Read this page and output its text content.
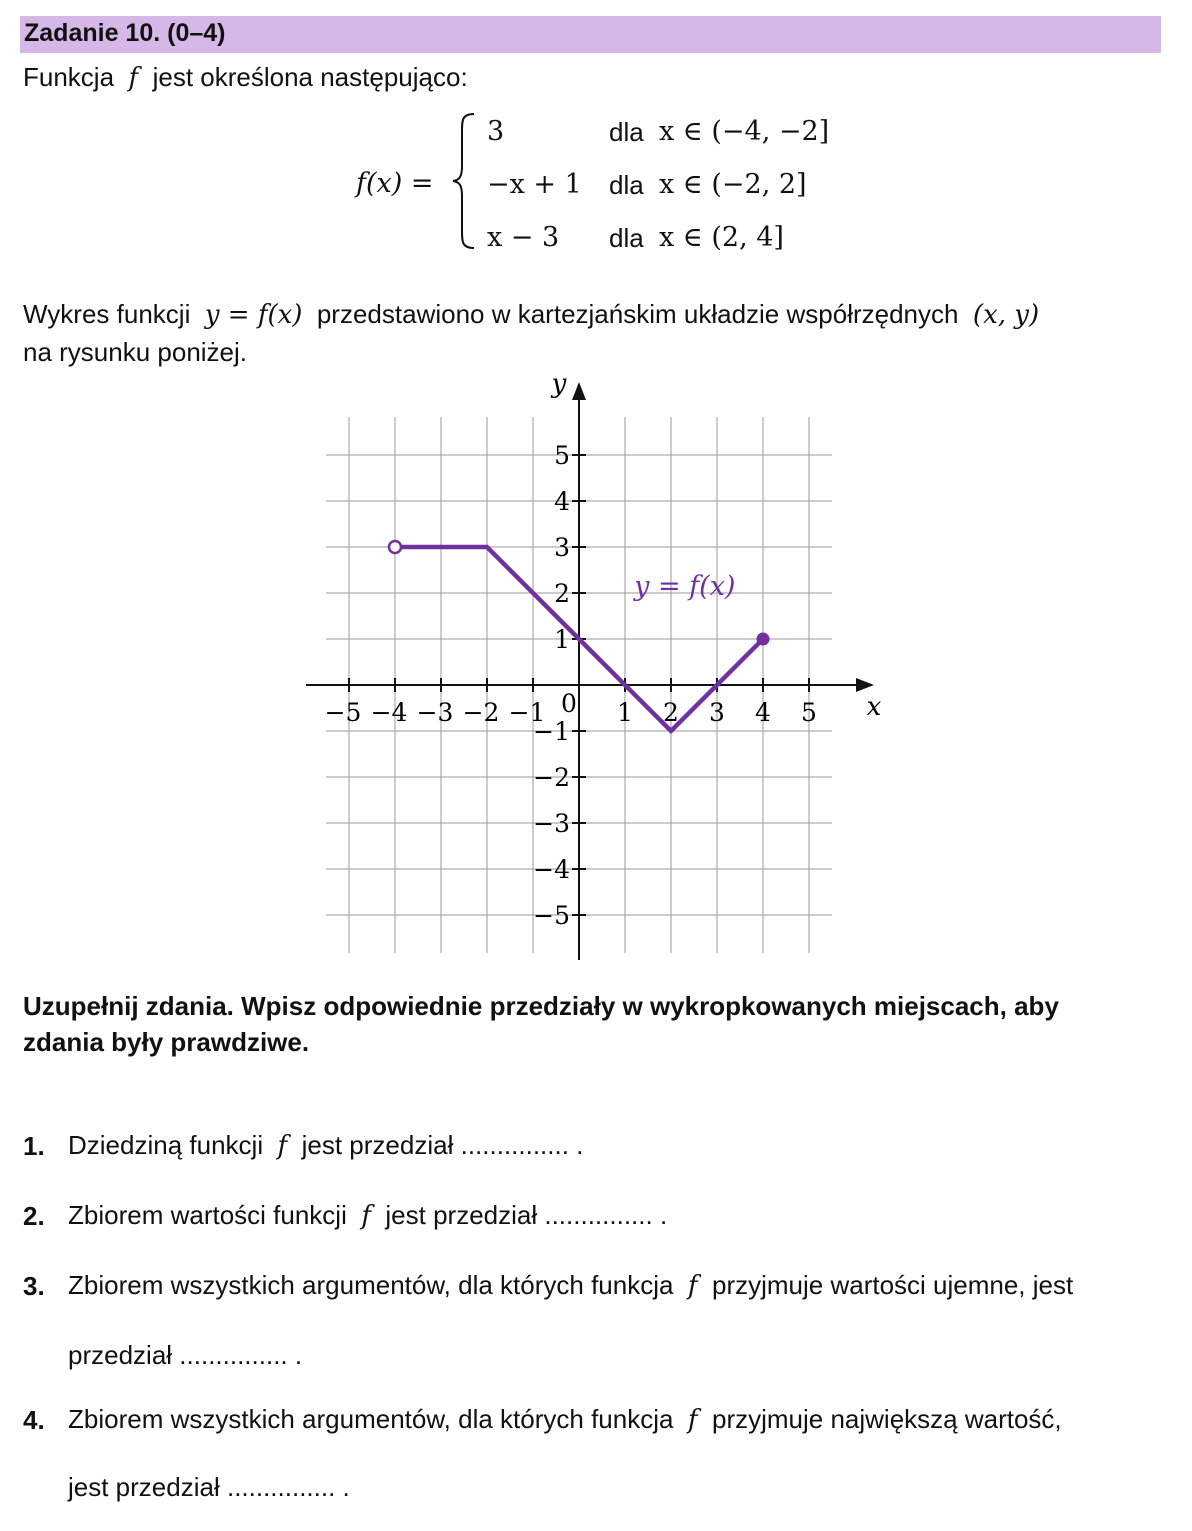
Zadanie 10. (0–4)
Funkcja f jest określona następująco:
f(x) =
3	dla x ∈ (−4, −2]
−x + 1 dla x ∈ (−2, 2]
x − 3 dla x ∈ (2, 4]
Wykres funkcji y = f(x) przedstawiono w kartezjańskim układzie współrzędnych (x, y)
na rysunku poniżej.
x
y
0
−5 −4 −3 −2 −1	1 2 3 4 5
5
4
3
2
1
−1
−2
−3
−4
−5
y = f(x)
Uzupełnij zdania. Wpisz odpowiednie przedziały w wykropkowanych miejscach, aby
zdania były prawdziwe.
1. Dziedziną funkcji f jest przedział ............... .
2. Zbiorem wartości funkcji f jest przedział ............... .
3. Zbiorem wszystkich argumentów, dla których funkcja f przyjmuje wartości ujemne, jest
przedział ............... .
4. Zbiorem wszystkich argumentów, dla których funkcja f przyjmuje największą wartość,
jest przedział ............... .
